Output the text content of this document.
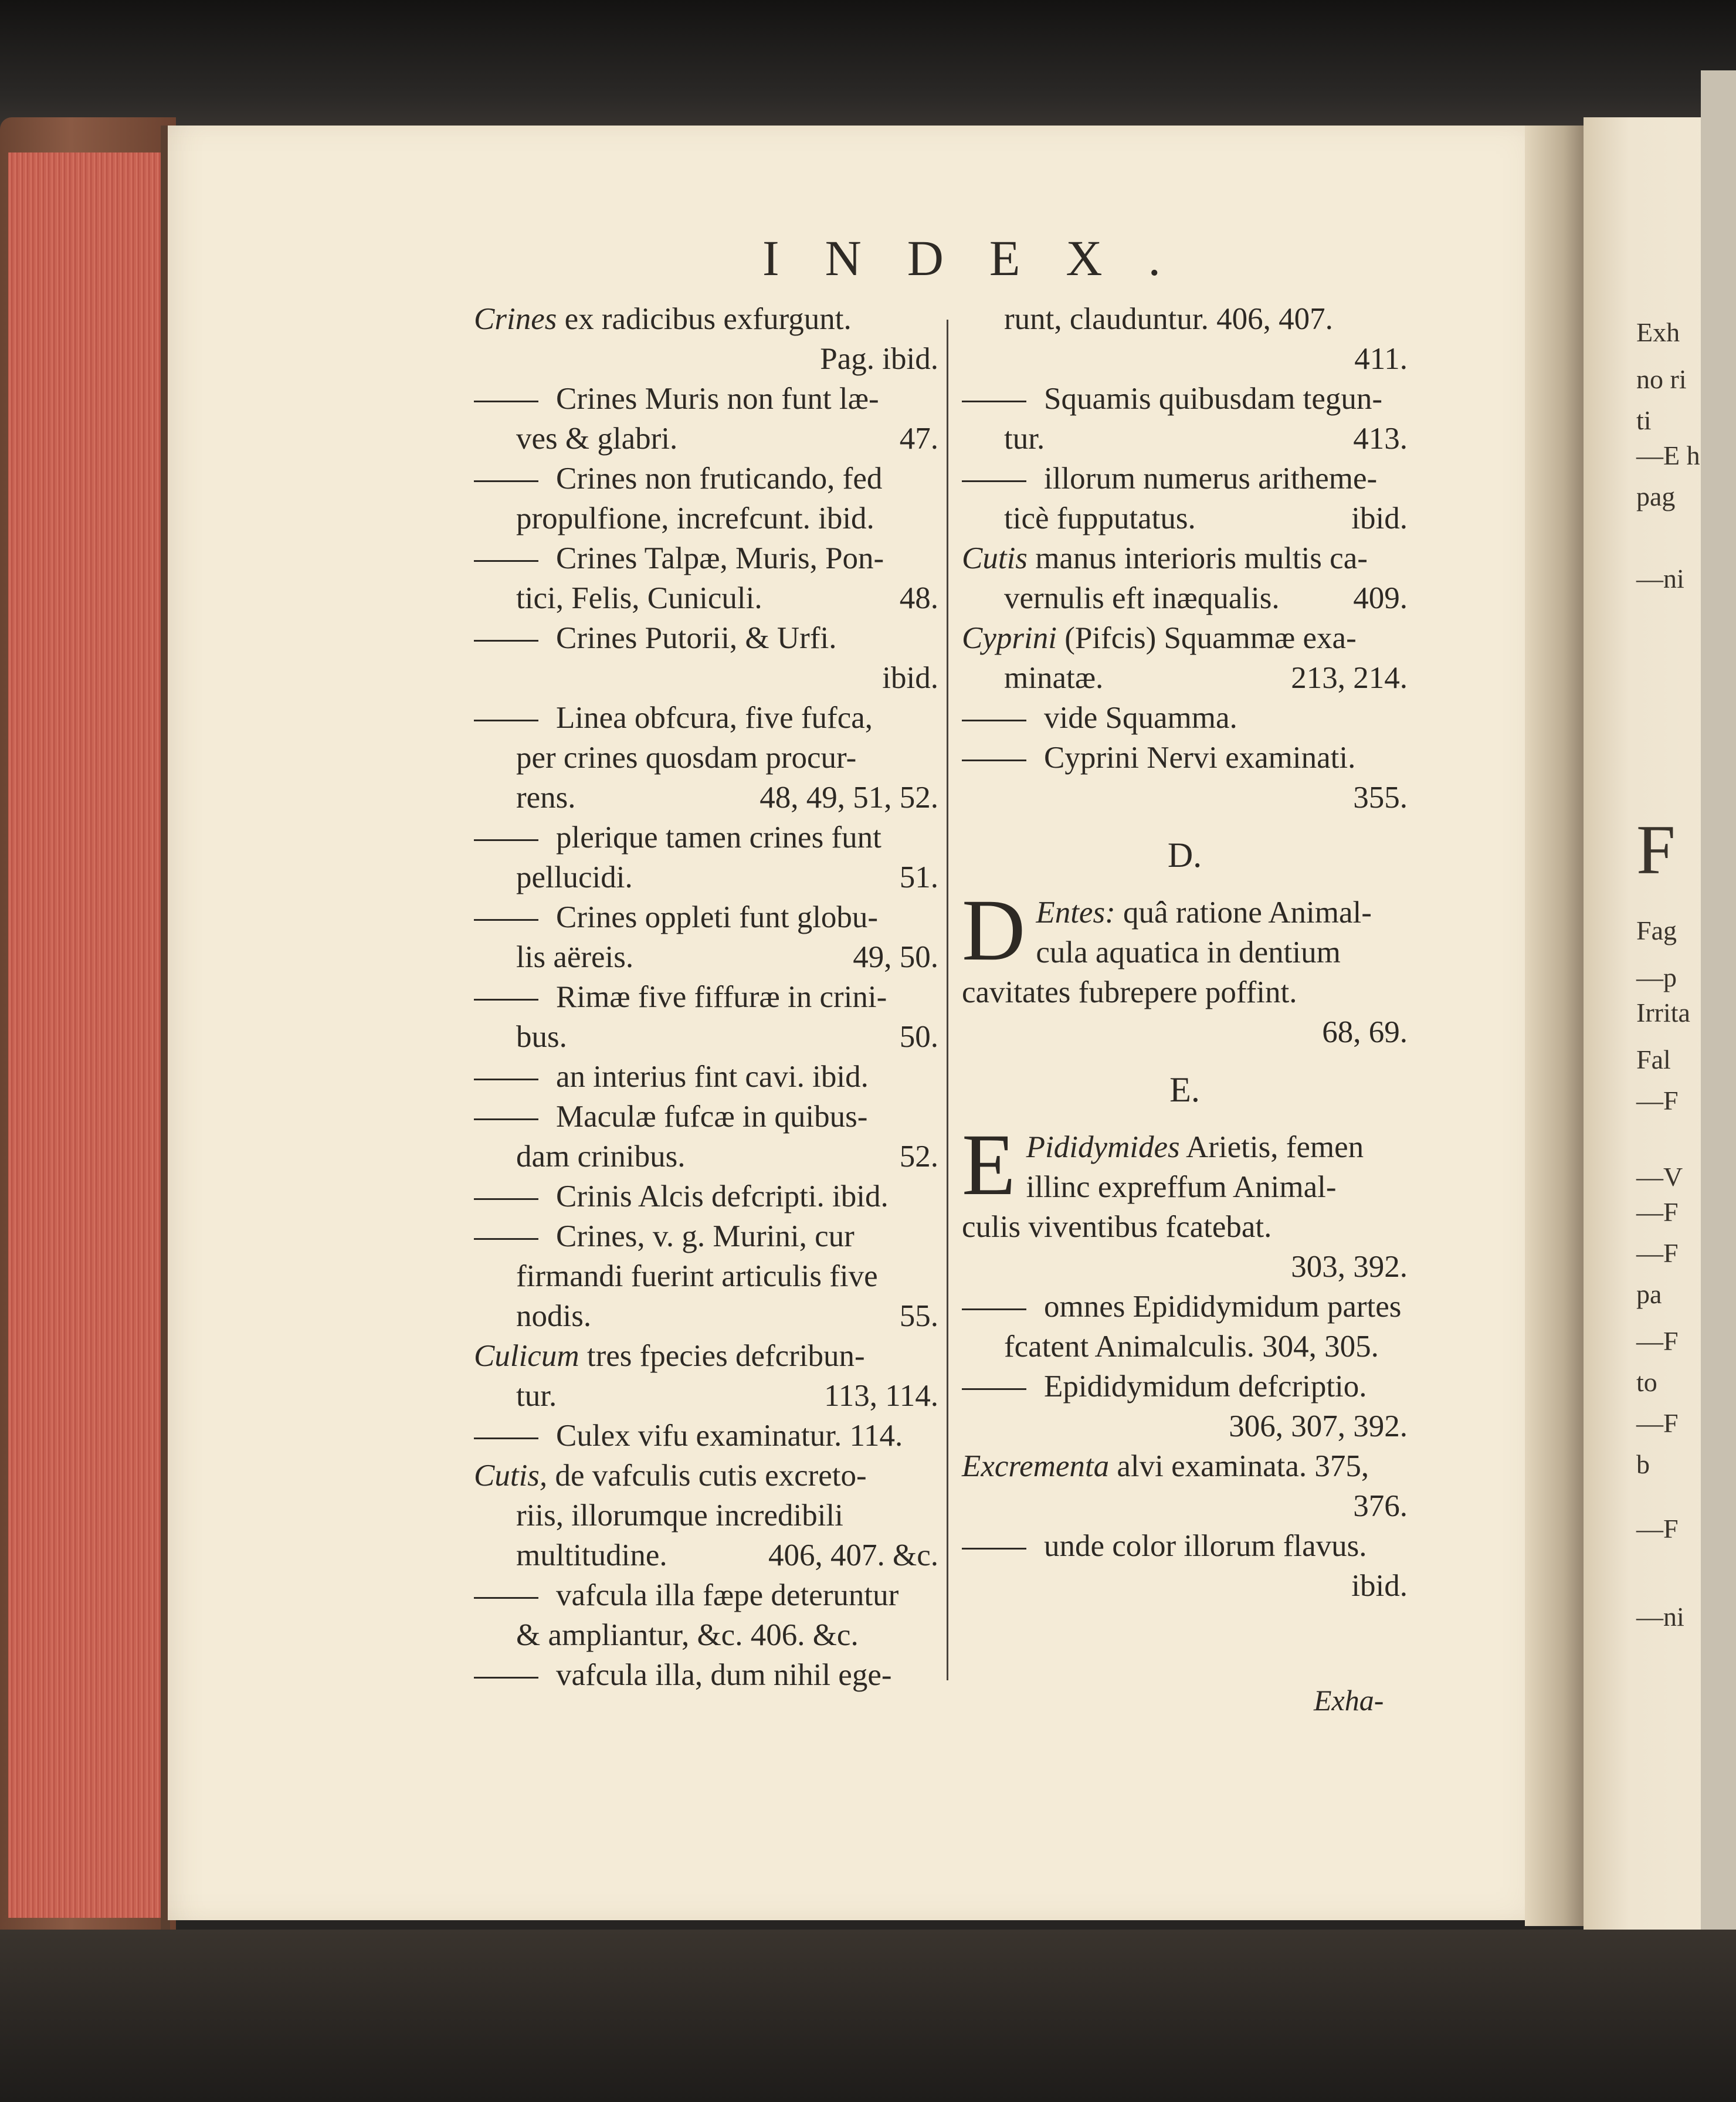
INDEX.

Crines ex radicibus exfurgunt.

Pag. ibid.

Crines Muris non funt læ-

ves & glabri.	47.

Crines non fruticando, fed

propulfione, increfcunt. ibid.

Crines Talpæ, Muris, Pon-

tici, Felis, Cuniculi.	48.

Crines Putorii, & Urfi.

ibid.

Linea obfcura, five fufca,

per crines quosdam procur-

rens.	48, 49, 51, 52.

plerique tamen crines funt

pellucidi.	51.

Crines oppleti funt globu-

lis aëreis.	49, 50.

Rimæ five fiffuræ in crini-

bus.	50.

an interius fint cavi. ibid.

Maculæ fufcæ in quibus-

dam crinibus.	52.

Crinis Alcis defcripti. ibid.

Crines, v. g. Murini, cur

firmandi fuerint articulis five

nodis.	55.

Culicum tres fpecies defcribun-

tur.	113, 114.

Culex vifu examinatur. 114.

Cutis, de vafculis cutis excreto-

riis, illorumque incredibili

multitudine.	406, 407. &c.

vafcula illa fæpe deteruntur

& ampliantur, &c. 406. &c.

vafcula illa, dum nihil ege-

runt, clauduntur. 406, 407.

411.

Squamis quibusdam tegun-

tur.	413.

illorum numerus aritheme-

ticè fupputatus.	ibid.

Cutis manus interioris multis ca-

vernulis eft inæqualis. 409.

Cyprini (Pifcis) Squammæ exa-

minatæ.	213, 214.

vide Squamma.

Cyprini Nervi examinati.

355.

D.
D Entes: quâ ratione Animal-

cula aquatica in dentium

cavitates fubrepere poffint.

68, 69.

E.
E Pididymides Arietis, femen

illinc expreffum Animal-

culis viventibus fcatebat.

303, 392.

omnes Epididymidum partes

fcatent Animalculis. 304, 305.

Epididymidum defcriptio.

306, 307, 392.

Excrementa alvi examinata. 375,

376.

unde color illorum flavus.

ibid.

Exha-
Exh
no ri
ti
—E h
pag
—ni
F
Fag
—p
Irrita
Fal
—F
—V
—F
—F
pa
—F
to
—F
b
—F
—ni
